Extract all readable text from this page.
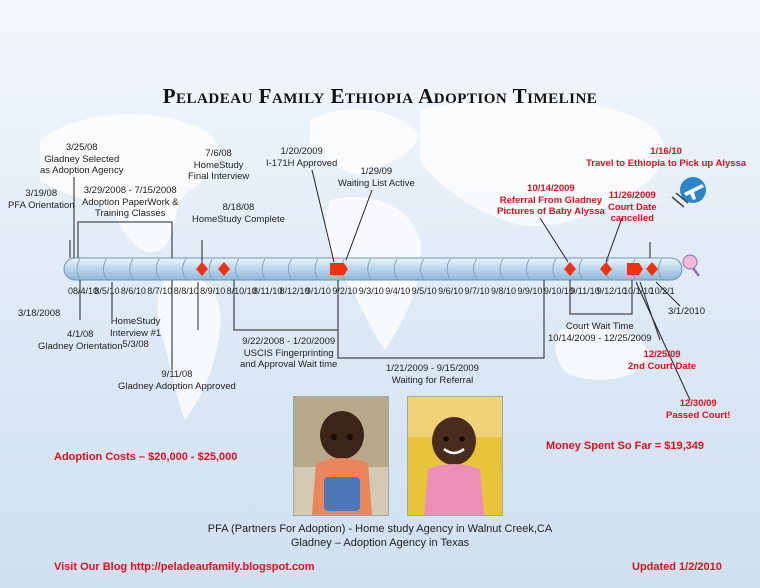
Peladeau Family Ethiopia Adoption Timeline
08/4/10
8/5/10 8/6/10 8/7/10 8/8/10 8/9/10 8/10/10
8/11/10
8/12/10
9/1/10 9/2/10 9/3/10 9/4/10 9/5/10 9/6/10 9/7/10 9/8/10 9/9/10 9/10/10
9/11/10
9/12/10
10/1/10
10/2/1
3/19/08
PFA Orientation
3/25/08
Gladney Selected
as Adoption Agency
3/29/2008 - 7/15/2008
Adoption PaperWork &
Training Classes
7/6/08
HomeStudy
Final Interview
8/18/08
HomeStudy Complete
1/20/2009
I-171H Approved
1/29/09
Waiting List Active	10/14/2009
Referral From Gladney
Pictures of Baby Alyssa
11/26/2009
Court Date
cancelled
1/16/10
Travel to Ethiopia to Pick up Alyssa
3/18/2008
4/1/08
Gladney Orientation
HomeStudy
Interview #1
5/3/08
9/11/08
Gladney Adoption Approved
9/22/2008 - 1/20/2009
USCIS Fingerprinting
and Approval Wait time	1/21/2009 - 9/15/2009
Waiting for Referral
Court Wait Time
10/14/2009 - 12/25/2009
3/1/2010
12/25/09
2nd Court Date
12/30/09
Passed Court!
Adoption Costs – $20,000 - $25,000
Money Spent So Far = $19,349
PFA (Partners For Adoption) - Home study Agency in Walnut Creek,CA
Gladney – Adoption Agency in Texas
Visit Our Blog http://peladeaufamily.blogspot.com	Updated 1/2/2010
